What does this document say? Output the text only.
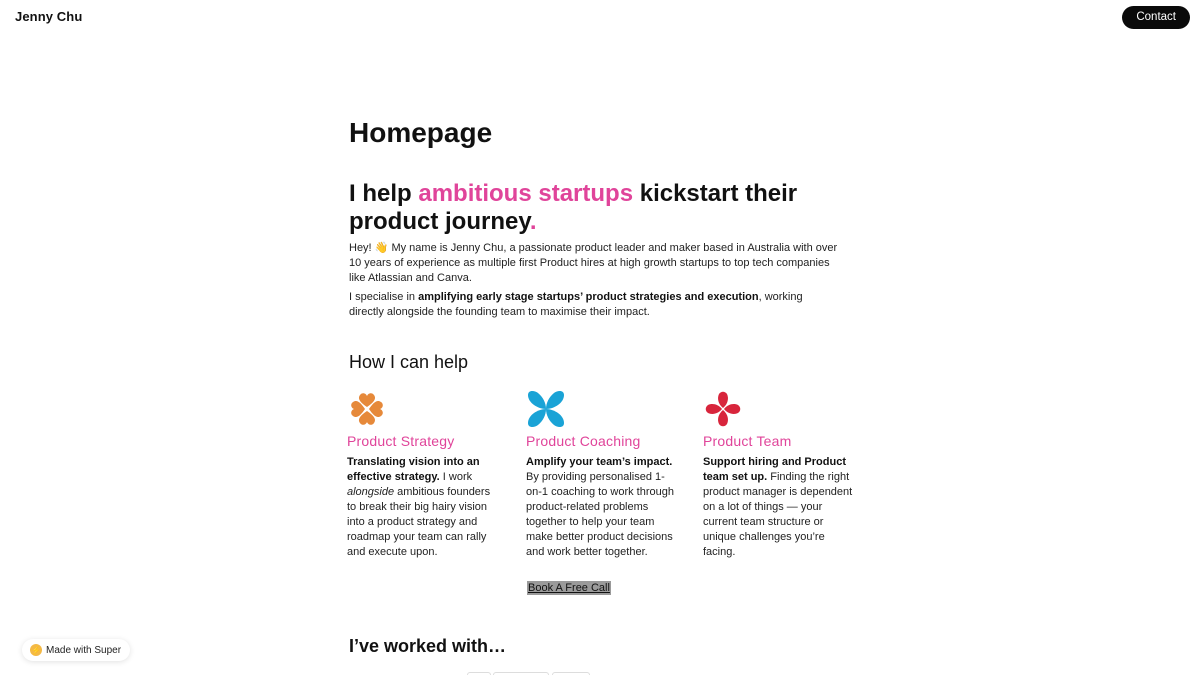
Jenny Chu	Contact
Homepage
I help ambitious startups kickstart their product journey.

Hey! 👋 My name is Jenny Chu, a passionate product leader and maker based in Australia with over 10 years of experience as multiple first Product hires at high growth startups to top tech companies like Atlassian and Canva.

I specialise in amplifying early stage startups’ product strategies and execution, working directly alongside the founding team to maximise their impact.

How I can help
Product Strategy
Translating vision into an effective strategy. I work alongside ambitious founders to break their big hairy vision into a product strategy and roadmap your team can rally and execute upon.
Product Coaching
Amplify your team’s impact. By providing personalised 1-on-1 coaching to work through product-related problems together to help your team make better product decisions and work better together.
Product Team
Support hiring and Product team set up. Finding the right product manager is dependent on a lot of things — your current team structure or unique challenges you’re facing.
Book A Free Call
I’ve worked with…
⚡ Made with Super
